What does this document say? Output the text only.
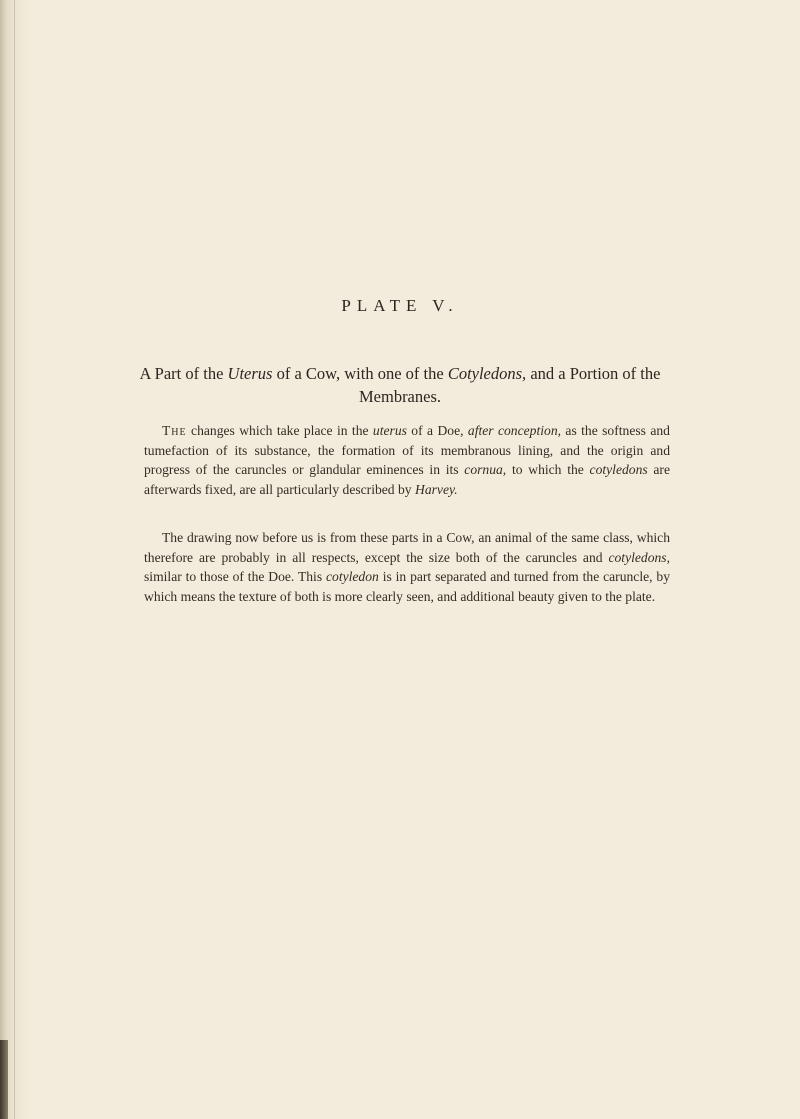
PLATE V.
A Part of the Uterus of a Cow, with one of the Cotyledons, and a Portion of the Membranes.

The changes which take place in the uterus of a Doe, after conception, as the softness and tumefaction of its substance, the formation of its membranous lining, and the origin and progress of the caruncles or glandular eminences in its cornua, to which the cotyledons are afterwards fixed, are all particularly described by Harvey.

The drawing now before us is from these parts in a Cow, an animal of the same class, which therefore are probably in all respects, except the size both of the caruncles and cotyledons, similar to those of the Doe. This cotyledon is in part separated and turned from the caruncle, by which means the texture of both is more clearly seen, and additional beauty given to the plate.
